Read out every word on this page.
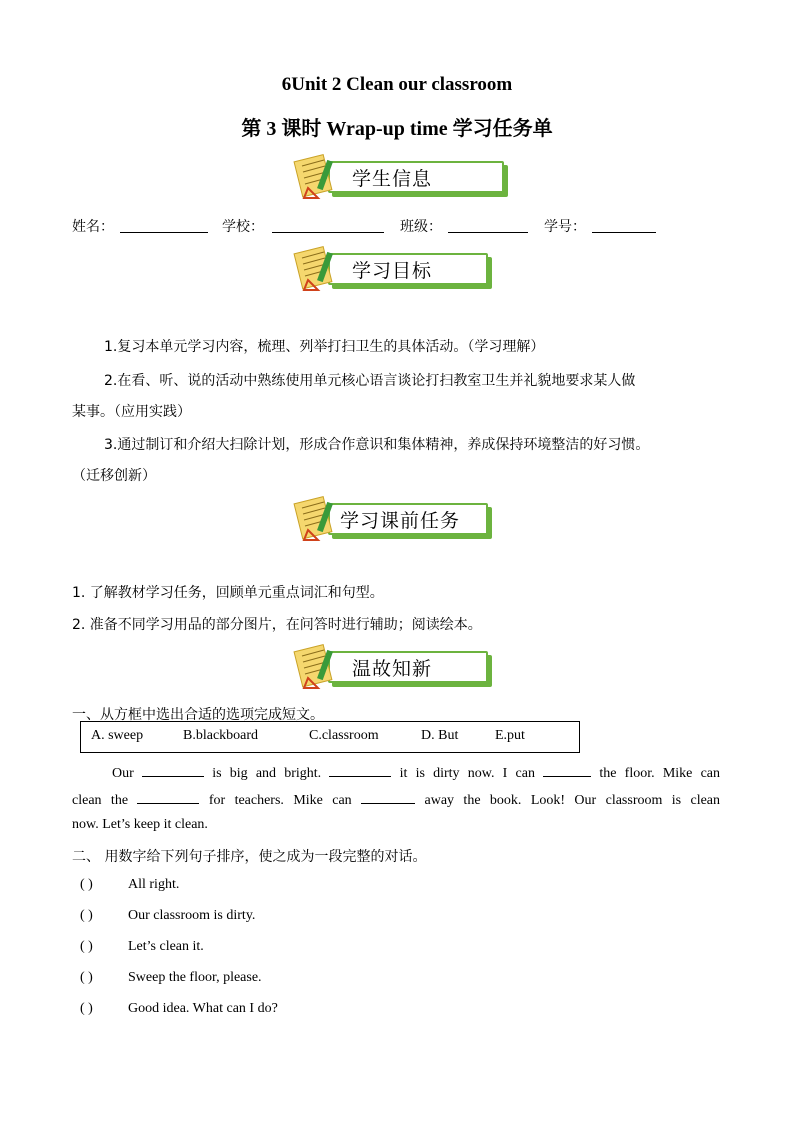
6Unit 2 Clean our classroom
第 3 课时 Wrap-up time 学习任务单
学生信息
姓名：	学校：	班级：	学号：
学习目标
1.复习本单元学习内容，梳理、列举打扫卫生的具体活动。（学习理解）
2.在看、听、说的活动中熟练使用单元核心语言谈论打扫教室卫生并礼貌地要求某人做
某事。（应用实践）
3.通过制订和介绍大扫除计划，形成合作意识和集体精神，养成保持环境整洁的好习惯。
（迁移创新）
学习课前任务
1. 了解教材学习任务，回顾单元重点词汇和句型。
2. 准备不同学习用品的部分图片，在问答时进行辅助；阅读绘本。
温故知新
一、从方框中选出合适的选项完成短文。
A. sweep	B.blackboard	C.classroom	D. But	E.put
Our	is big and bright.	it is dirty now. I can	the floor. Mike can
clean the	for teachers. Mike can	away the book. Look! Our classroom is clean
now. Let’s keep it clean.
二、 用数字给下列句子排序，使之成为一段完整的对话。
( )	All right.
( )	Our classroom is dirty.
( )	Let’s clean it.
( )	Sweep the floor, please.
( )	Good idea. What can I do?
